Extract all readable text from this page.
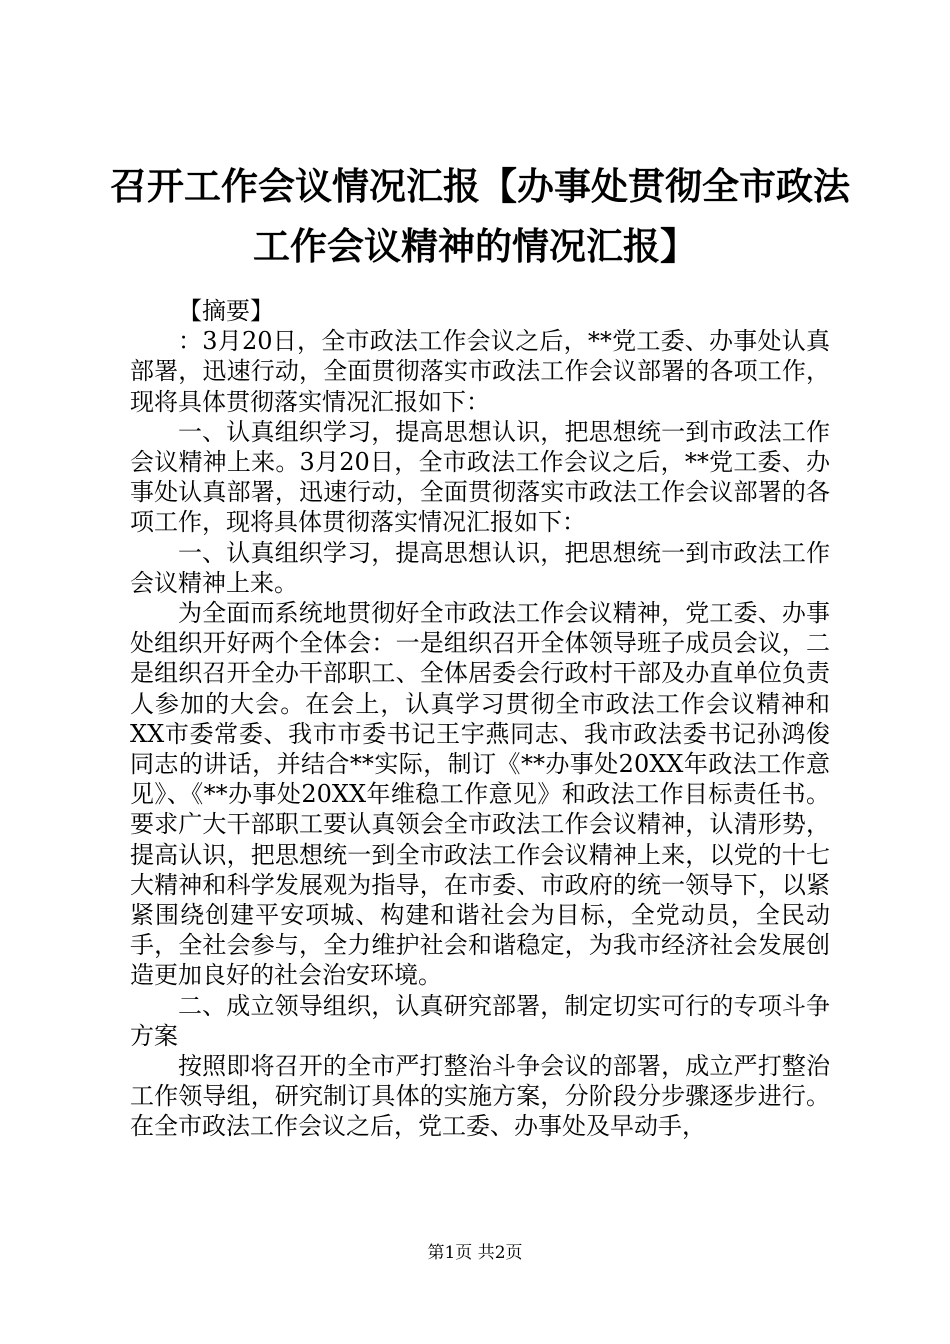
召开工作会议情况汇报【办事处贯彻全市政法
工作会议精神的情况汇报】

【摘要】

：3月20日，全市政法工作会议之后，**党工委、办事处认真部署，迅速行动，全面贯彻落实市政法工作会议部署的各项工作，现将具体贯彻落实情况汇报如下：

一、认真组织学习，提高思想认识，把思想统一到市政法工作会议精神上来。3月20日，全市政法工作会议之后，**党工委、办事处认真部署，迅速行动，全面贯彻落实市政法工作会议部署的各项工作，现将具体贯彻落实情况汇报如下：

一、认真组织学习，提高思想认识，把思想统一到市政法工作会议精神上来。

为全面而系统地贯彻好全市政法工作会议精神，党工委、办事处组织开好两个全体会：一是组织召开全体领导班子成员会议，二是组织召开全办干部职工、全体居委会行政村干部及办直单位负责人参加的大会。在会上，认真学习贯彻全市政法工作会议精神和XX市委常委、我市市委书记王宇燕同志、我市政法委书记孙鸿俊同志的讲话，并结合**实际，制订《**办事处20XX年政法工作意见》、《**办事处20XX年维稳工作意见》和政法工作目标责任书。要求广大干部职工要认真领会全市政法工作会议精神，认清形势，提高认识，把思想统一到全市政法工作会议精神上来，以党的十七大精神和科学发展观为指导，在市委、市政府的统一领导下，以紧紧围绕创建平安项城、构建和谐社会为目标，全党动员，全民动手，全社会参与，全力维护社会和谐稳定，为我市经济社会发展创造更加良好的社会治安环境。

二、成立领导组织，认真研究部署，制定切实可行的专项斗争方案

按照即将召开的全市严打整治斗争会议的部署，成立严打整治工作领导组，研究制订具体的实施方案，分阶段分步骤逐步进行。在全市政法工作会议之后，党工委、办事处及早动手，

第1页 共2页
